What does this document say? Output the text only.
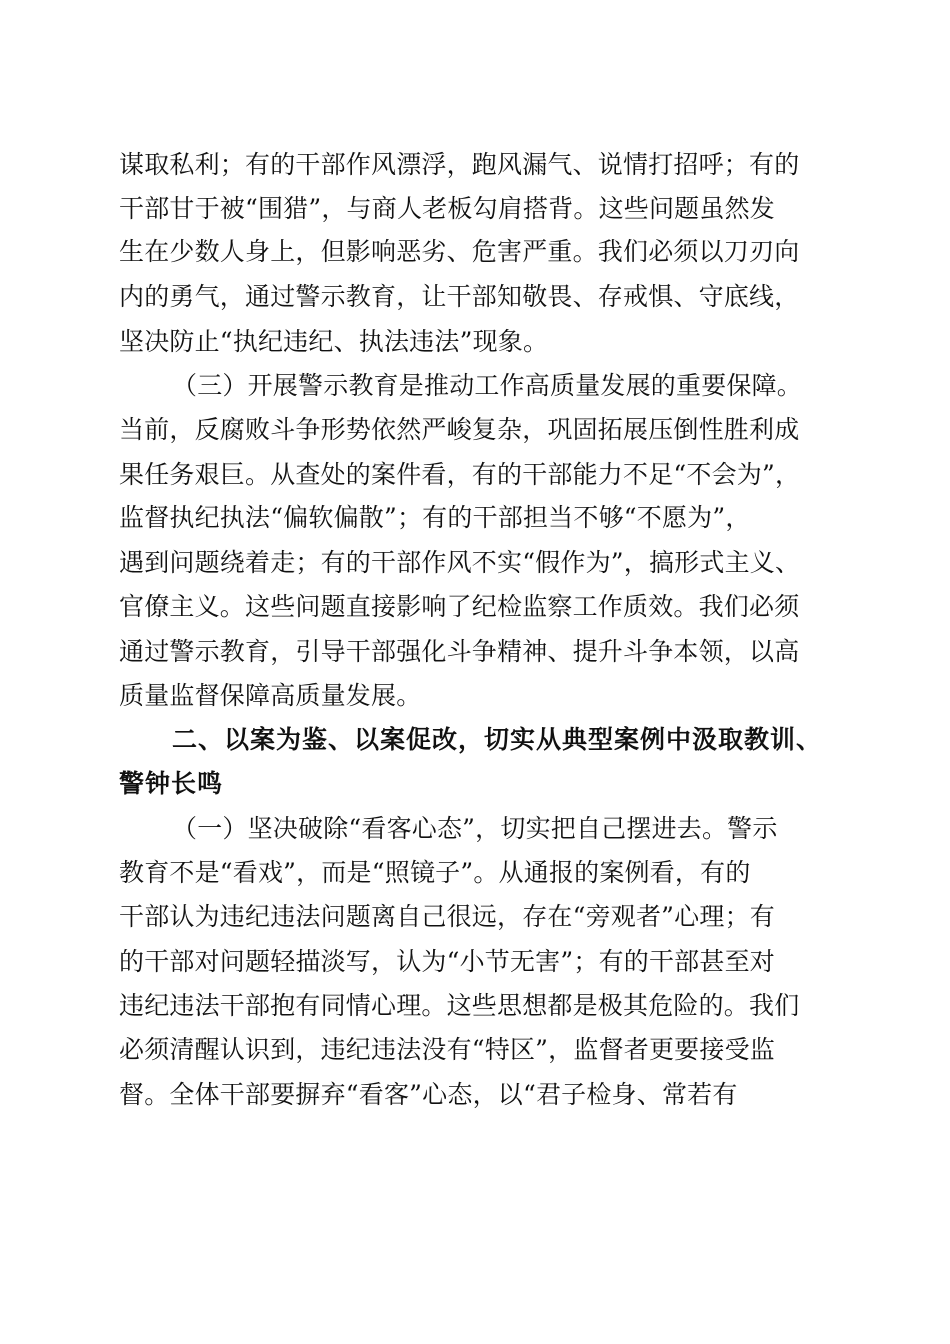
谋取私利；有的干部作风漂浮，跑风漏气、说情打招呼；有的
干部甘于被“围猎”，与商人老板勾肩搭背。这些问题虽然发
生在少数人身上，但影响恶劣、危害严重。我们必须以刀刃向
内的勇气，通过警示教育，让干部知敬畏、存戒惧、守底线，
坚决防止“执纪违纪、执法违法”现象。
（三）开展警示教育是推动工作高质量发展的重要保障。
当前，反腐败斗争形势依然严峻复杂，巩固拓展压倒性胜利成
果任务艰巨。从查处的案件看，有的干部能力不足“不会为”，
监督执纪执法“偏软偏散”；有的干部担当不够“不愿为”，
遇到问题绕着走；有的干部作风不实“假作为”，搞形式主义、
官僚主义。这些问题直接影响了纪检监察工作质效。我们必须
通过警示教育，引导干部强化斗争精神、提升斗争本领，以高
质量监督保障高质量发展。
二、以案为鉴、以案促改，切实从典型案例中汲取教训、
警钟长鸣
（一）坚决破除“看客心态”，切实把自己摆进去。警示
教育不是“看戏”，而是“照镜子”。从通报的案例看，有的
干部认为违纪违法问题离自己很远，存在“旁观者”心理；有
的干部对问题轻描淡写，认为“小节无害”；有的干部甚至对
违纪违法干部抱有同情心理。这些思想都是极其危险的。我们
必须清醒认识到，违纪违法没有“特区”，监督者更要接受监
督。全体干部要摒弃“看客”心态，以“君子检身、常若有
